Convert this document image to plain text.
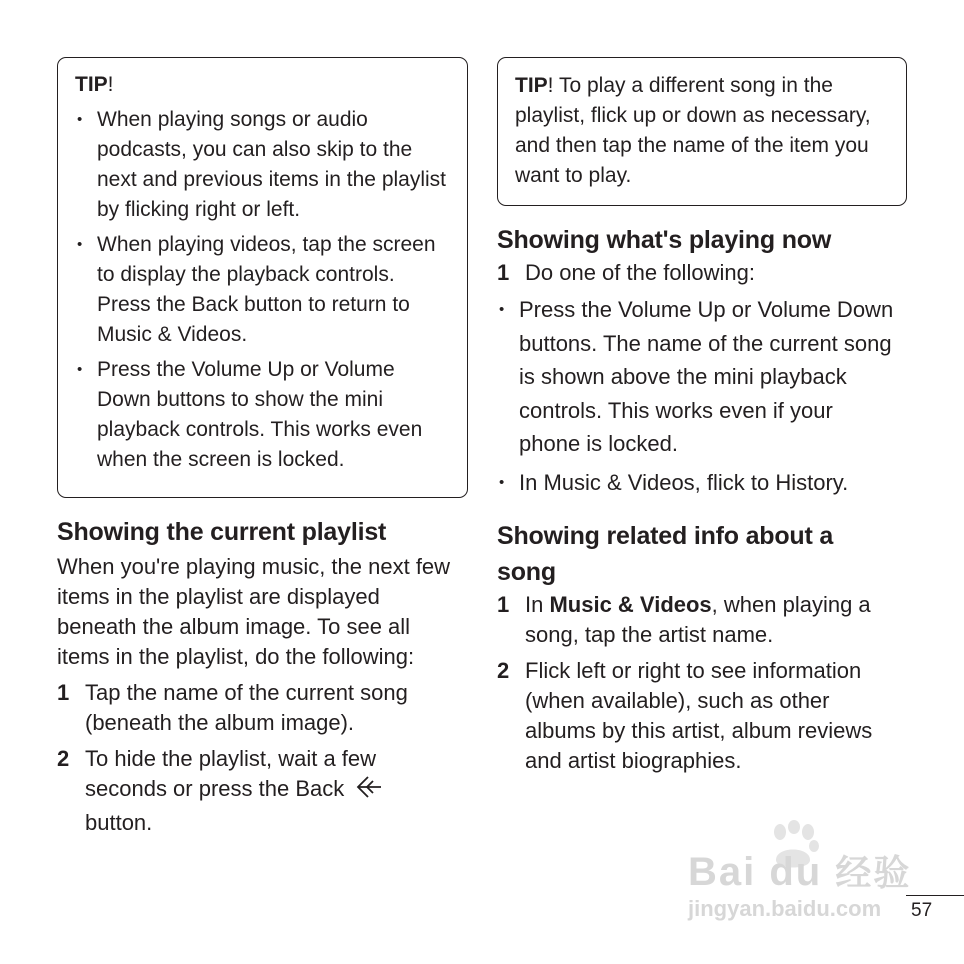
TIP!
• When playing songs or audio podcasts, you can also skip to the next and previous items in the playlist by flicking right or left.
• When playing videos, tap the screen to display the playback controls. Press the Back button to return to Music & Videos.
• Press the Volume Up or Volume Down buttons to show the mini playback controls. This works even when the screen is locked.
Showing the current playlist

When you're playing music, the next few items in the playlist are displayed beneath the album image. To see all items in the playlist, do the following:

1 Tap the name of the current song (beneath the album image).
2 To hide the playlist, wait a few seconds or press the Back
button.
TIP! To play a different song in the playlist, flick up or down as necessary, and then tap the name of the item you want to play.
Showing what's playing now
1 Do one of the following:
• Press the Volume Up or Volume Down buttons. The name of the current song is shown above the mini playback controls. This works even if your phone is locked.
• In Music & Videos, flick to History.
Showing related info about a song
1 In Music & Videos, when playing a song, tap the artist name.
2 Flick left or right to see information (when available), such as other albums by this artist, album reviews and artist biographies.
Bai du 经验
jingyan.baidu.com 57
